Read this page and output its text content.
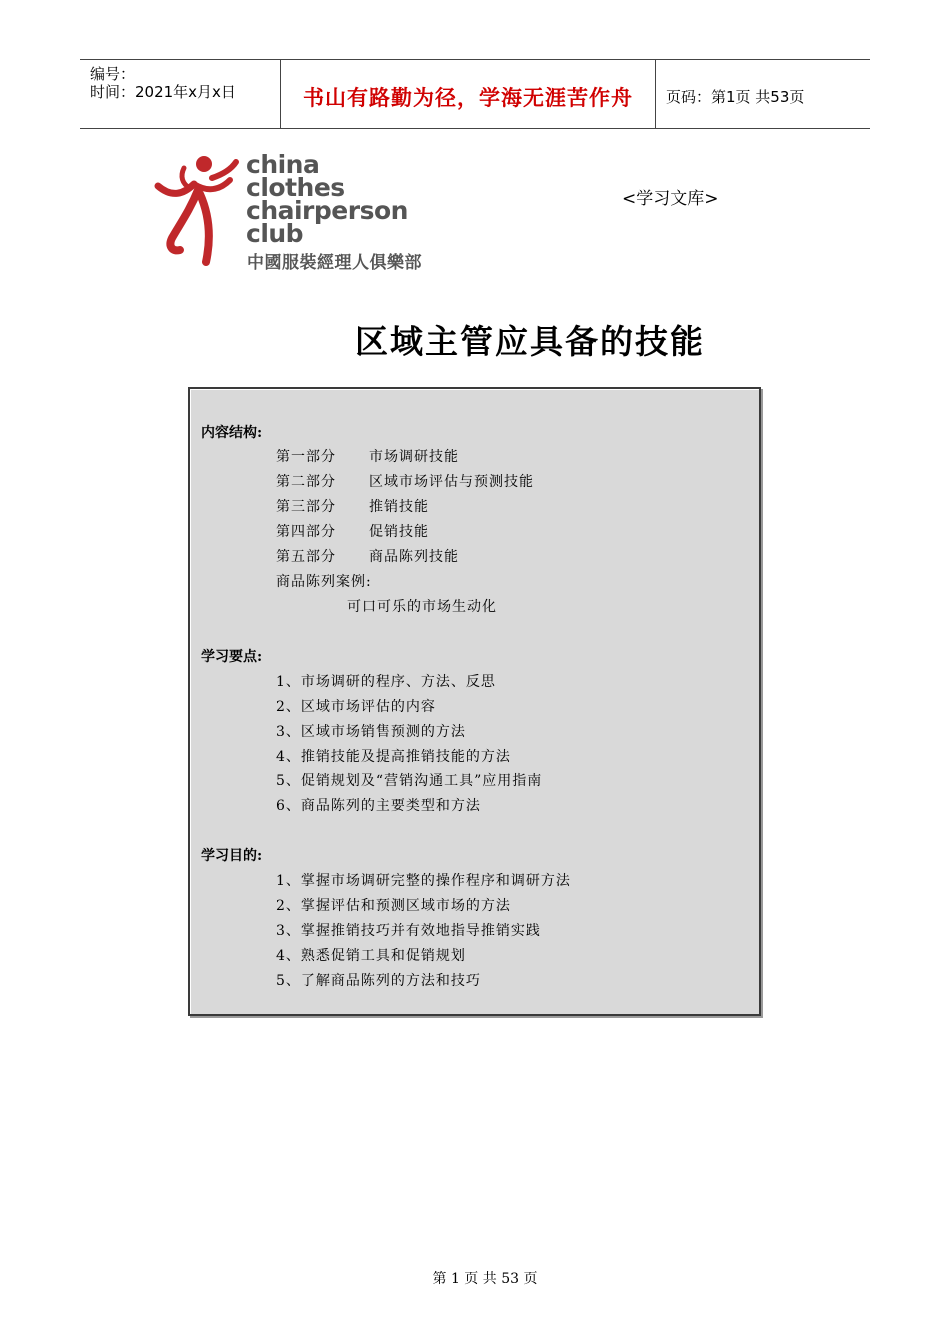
编号：
时间：2021年x月x日	书山有路勤为径，学海无涯苦作舟	页码：第1页 共53页
china
clothes
chairperson
club
中國服裝經理人俱樂部
<学习文库>
区域主管应具备的技能
内容结构:
第一部分 市场调研技能
第二部分 区域市场评估与预测技能
第三部分 推销技能
第四部分 促销技能
第五部分 商品陈列技能
商品陈列案例:
可口可乐的市场生动化
学习要点:
1、市场调研的程序、方法、反思
2、区域市场评估的内容
3、区域市场销售预测的方法
4、推销技能及提高推销技能的方法
5、促销规划及“营销沟通工具”应用指南
6、商品陈列的主要类型和方法
学习目的:
1、掌握市场调研完整的操作程序和调研方法
2、掌握评估和预测区域市场的方法
3、掌握推销技巧并有效地指导推销实践
4、熟悉促销工具和促销规划
5、了解商品陈列的方法和技巧
第 1 页 共 53 页
